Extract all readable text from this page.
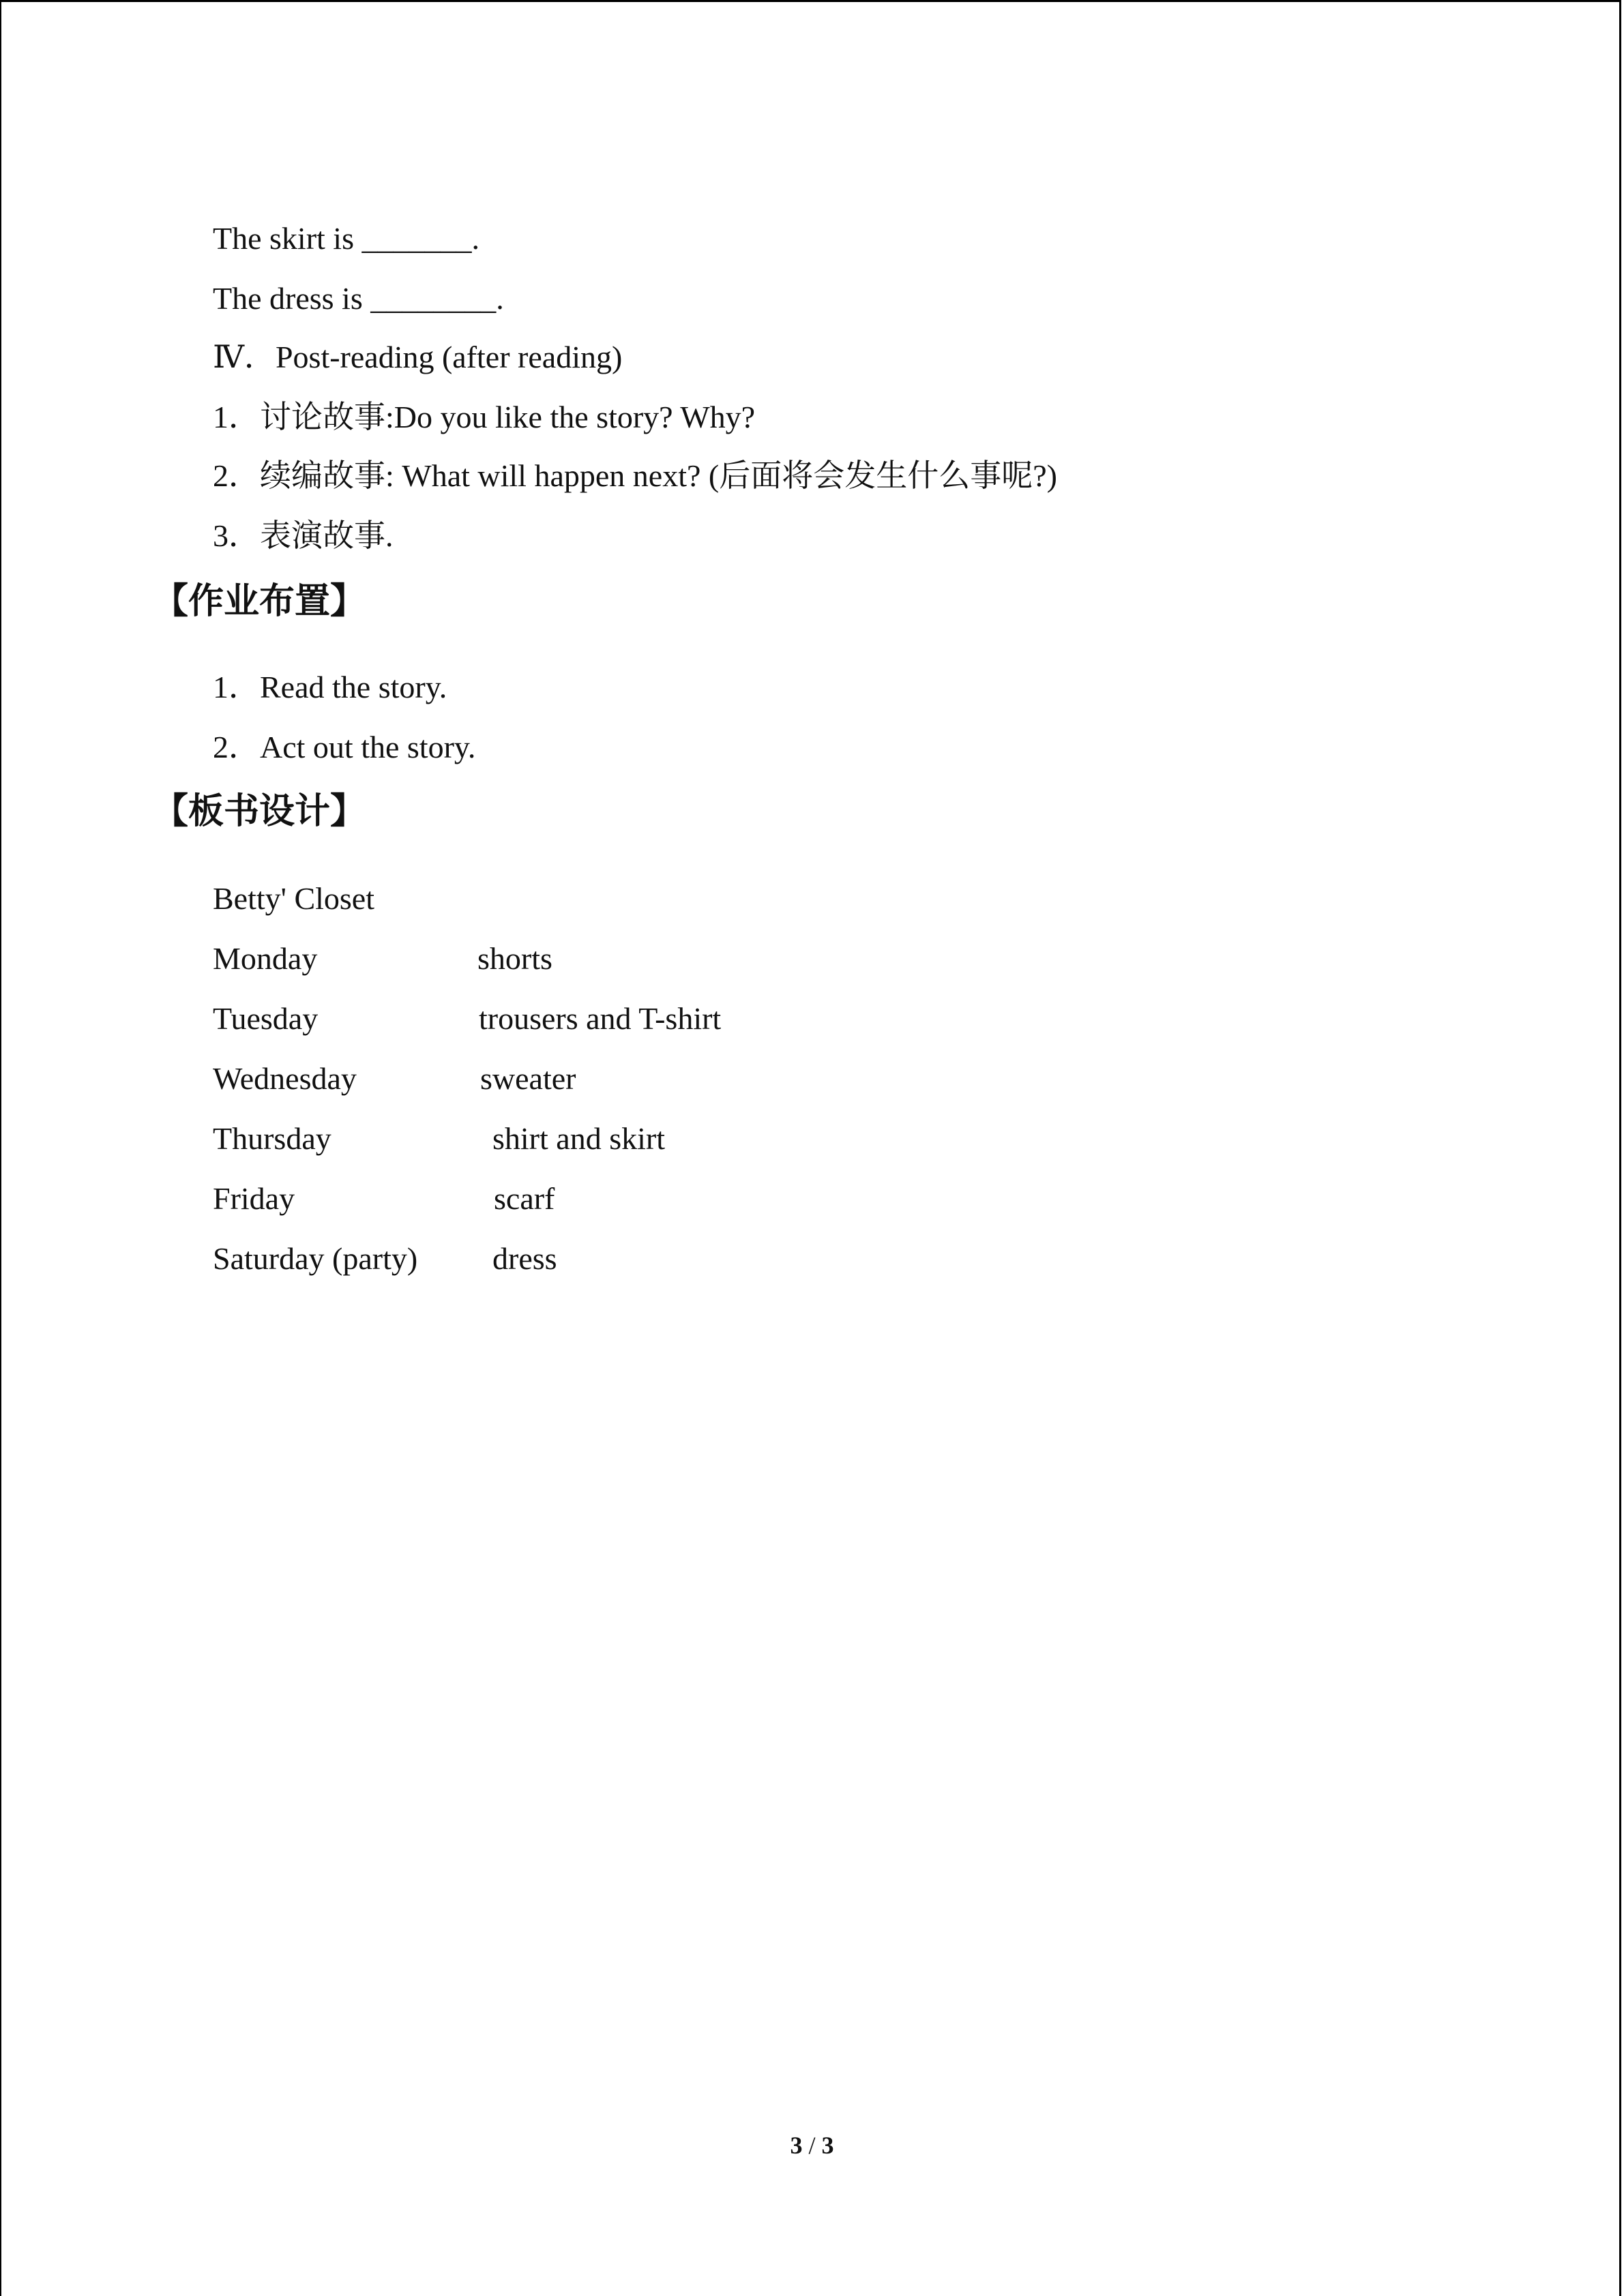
The skirt is _______.
The dress is ________.
Ⅳ．Post-reading (after reading)
1．讨论故事:Do you like the story? Why?
2．续编故事: What will happen next? (后面将会发生什么事呢?)
3．表演故事.
【作业布置】
1．Read the story.
2．Act out the story.
【板书设计】
Betty' Closet
Monday	shorts
Tuesday	trousers and T-shirt
Wednesday	sweater
Thursday	shirt and skirt
Friday	scarf
Saturday (party) dress
3 / 3
